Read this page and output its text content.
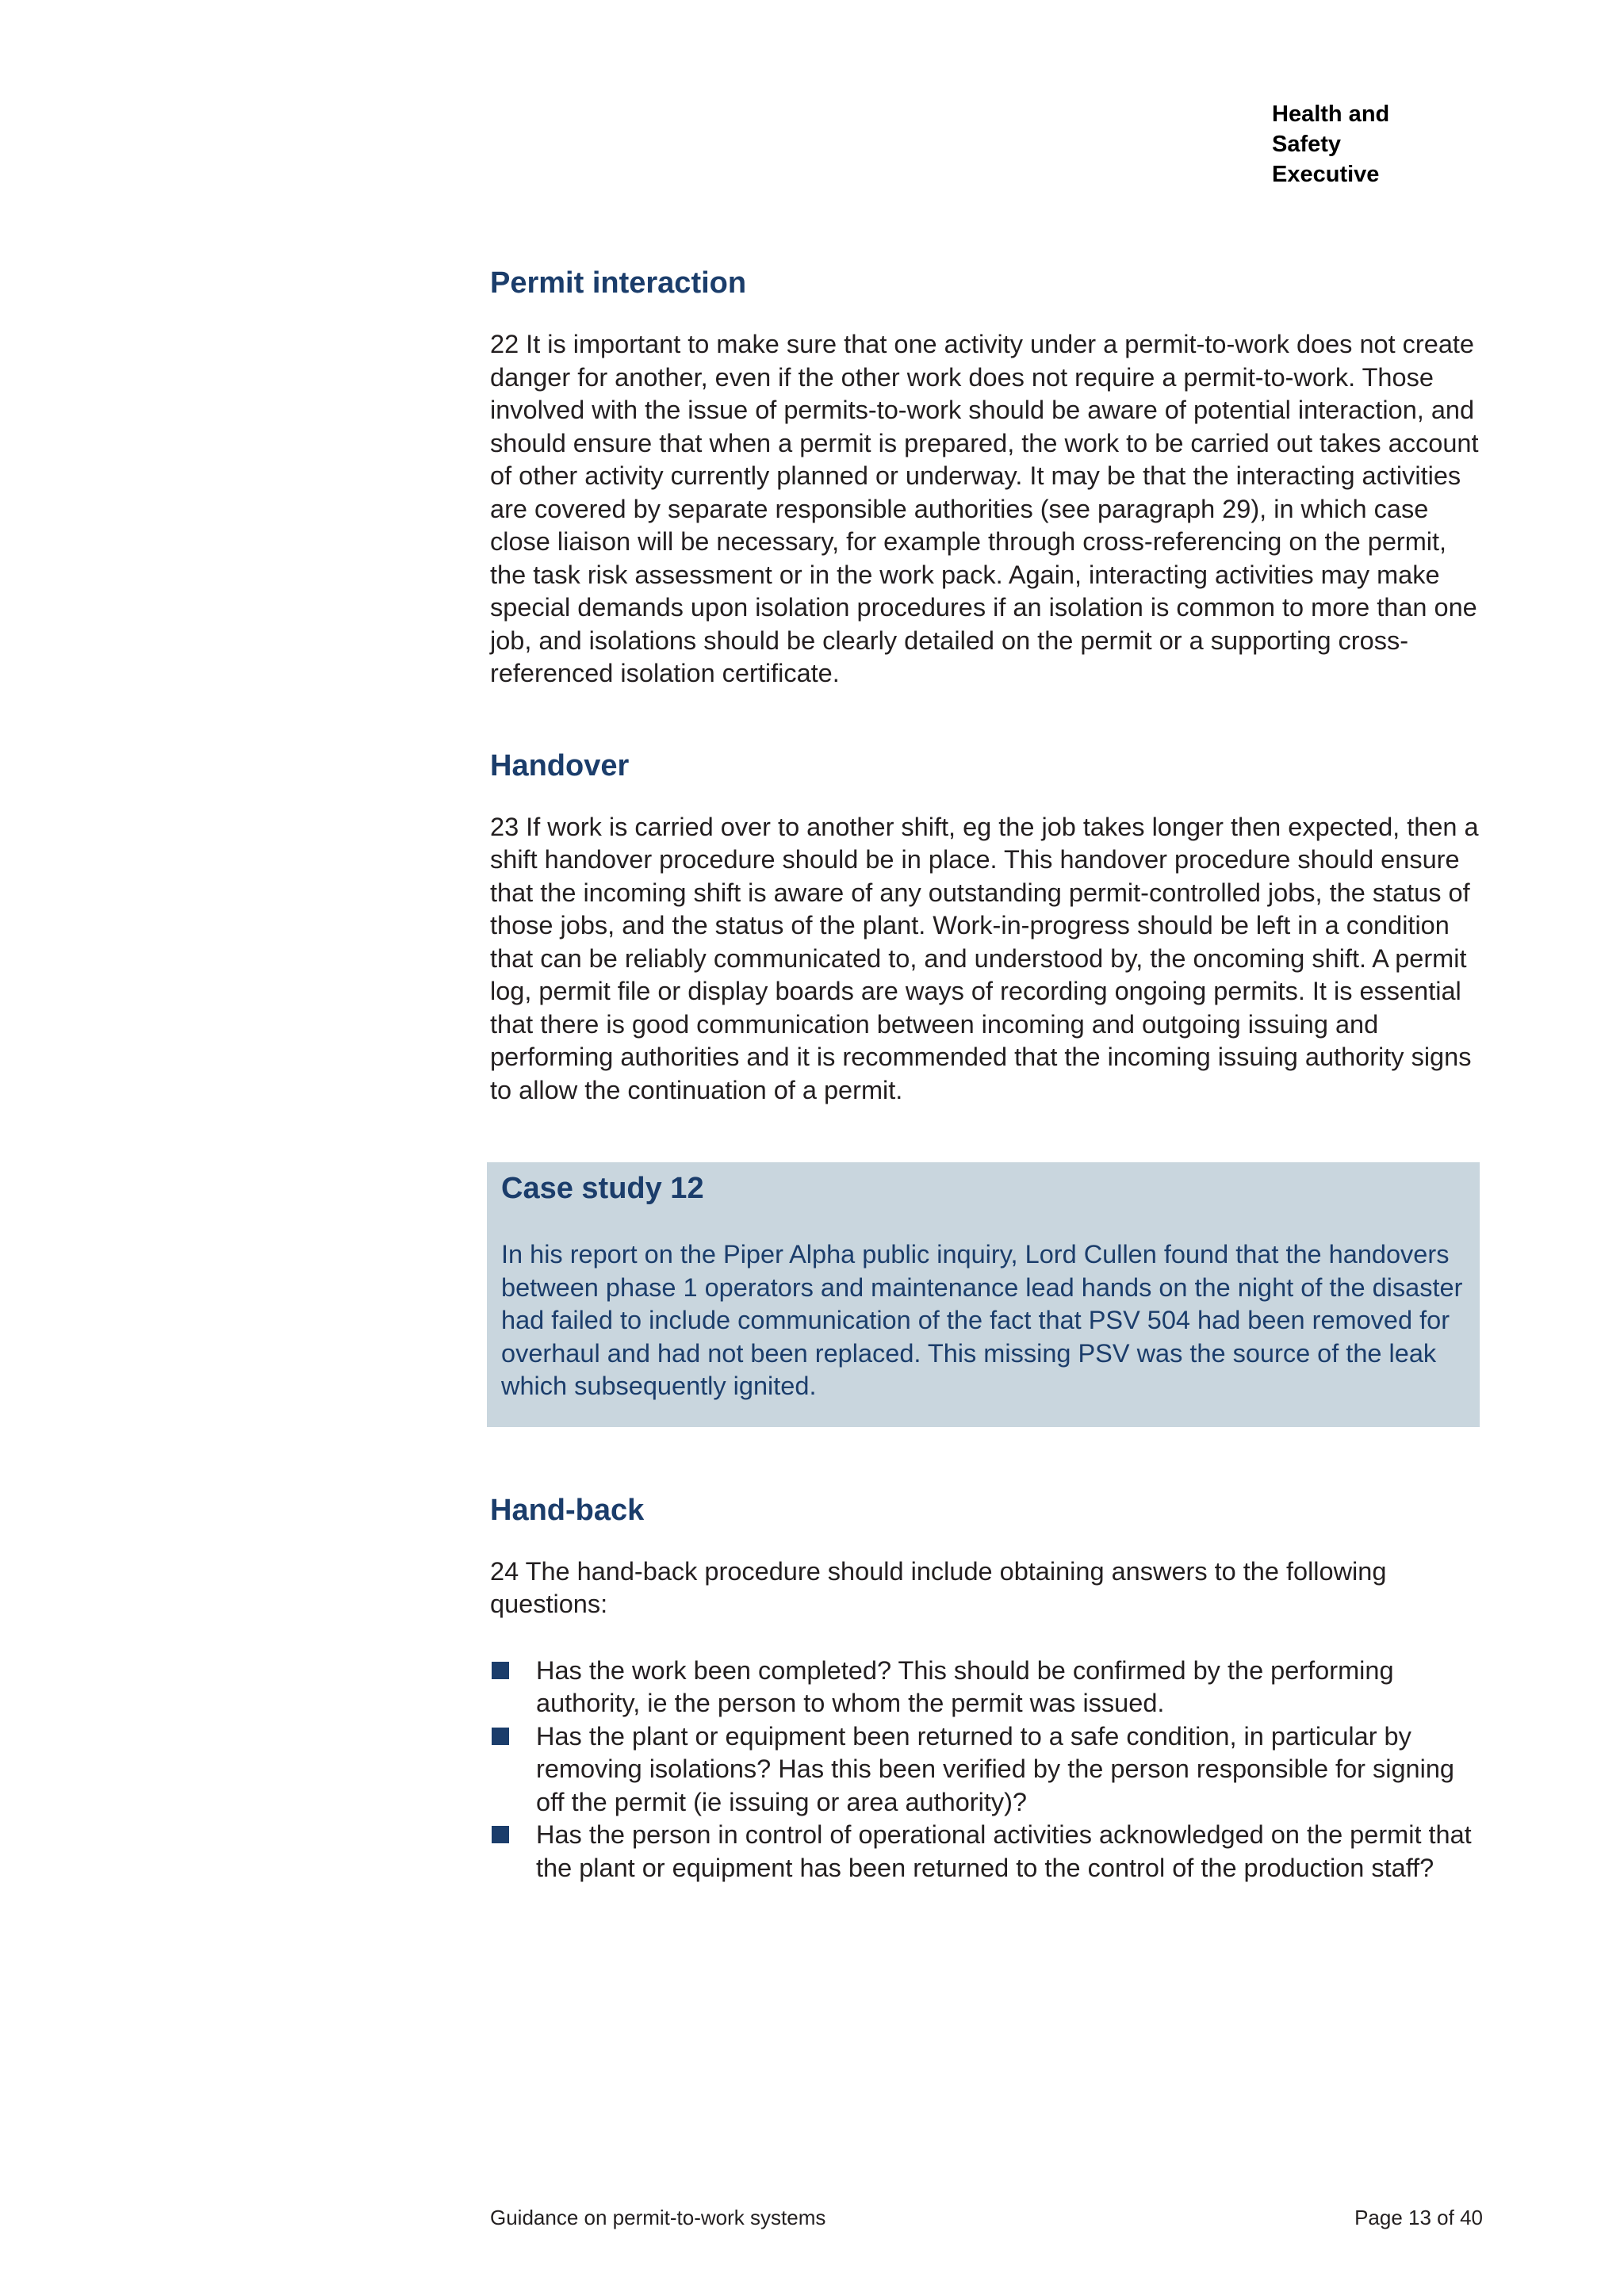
Health and Safety
Executive
Permit interaction

22 It is important to make sure that one activity under a permit-to-work does not create danger for another, even if the other work does not require a permit-to-work. Those involved with the issue of permits-to-work should be aware of potential interaction, and should ensure that when a permit is prepared, the work to be carried out takes account of other activity currently planned or underway. It may be that the interacting activities are covered by separate responsible authorities (see paragraph 29), in which case close liaison will be necessary, for example through cross-referencing on the permit, the task risk assessment or in the work pack. Again, interacting activities may make special demands upon isolation procedures if an isolation is common to more than one job, and isolations should be clearly detailed on the permit or a supporting cross-referenced isolation certificate.

Handover

23 If work is carried over to another shift, eg the job takes longer then expected, then a shift handover procedure should be in place. This handover procedure should ensure that the incoming shift is aware of any outstanding permit-controlled jobs, the status of those jobs, and the status of the plant. Work-in-progress should be left in a condition that can be reliably communicated to, and understood by, the oncoming shift. A permit log, permit file or display boards are ways of recording ongoing permits. It is essential that there is good communication between incoming and outgoing issuing and performing authorities and it is recommended that the incoming issuing authority signs to allow the continuation of a permit.

Case study 12

In his report on the Piper Alpha public inquiry, Lord Cullen found that the handovers between phase 1 operators and maintenance lead hands on the night of the disaster had failed to include communication of the fact that PSV 504 had been removed for overhaul and had not been replaced. This missing PSV was the source of the leak which subsequently ignited.

Hand-back

24 The hand-back procedure should include obtaining answers to the following questions:

Has the work been completed? This should be confirmed by the performing authority, ie the person to whom the permit was issued.
Has the plant or equipment been returned to a safe condition, in particular by removing isolations? Has this been verified by the person responsible for signing off the permit (ie issuing or area authority)?
Has the person in control of operational activities acknowledged on the permit that the plant or equipment has been returned to the control of the production staff?
Guidance on permit-to-work systems	Page 13 of 40
